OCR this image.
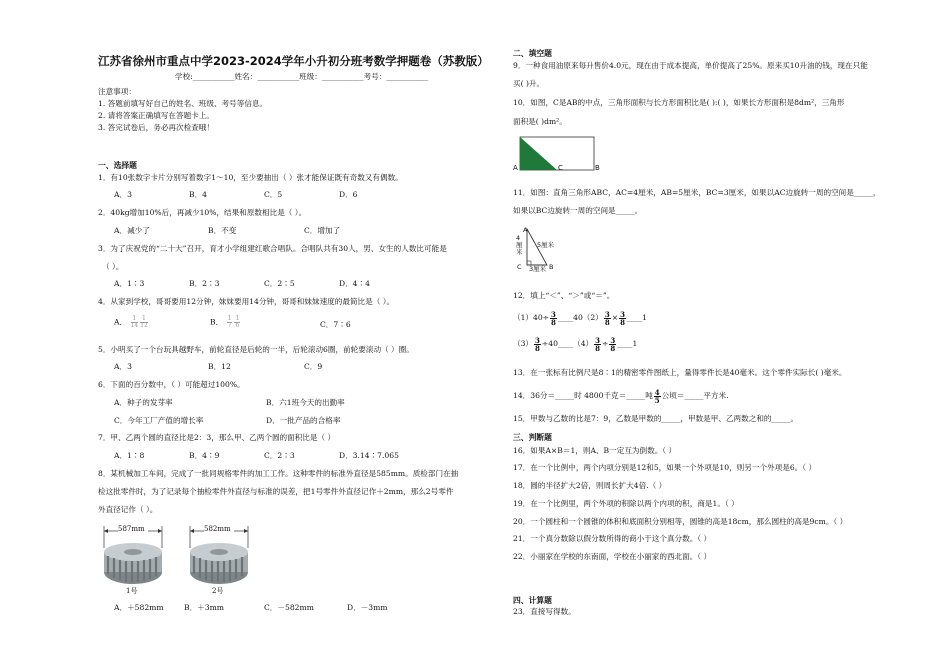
江苏省徐州市重点中学2023-2024学年小升初分班考数学押题卷（苏教版）
学校:___________姓名：___________班级：___________考号：___________
注意事项：
1. 答题前填写好自己的姓名、班级、考号等信息。
2. 请将答案正确填写在答题卡上。
3. 答完试卷后，务必再次检查哦！
一、选择题
1．有10张数字卡片分别写着数字1～10，至少要抽出（ ）张才能保证既有奇数又有偶数。
A．3	B．4	C．5	D．6
2．40kg增加10%后，再减少10%，结果和原数相比是（ ）。
A．减少了	B．不变	C．增加了
3．为了庆祝党的“二十大”召开，育才小学组建红歌合唱队。合唱队共有30人，男、女生的人数比可能是
（ ）。
A．1∶3	B．2∶3	C．2∶5	D．4∶4
4．从家到学校，哥哥要用12分钟，妹妹要用14分钟，哥哥和妹妹速度的最简比是（ ）。
A． $\frac{1}{14} \frac{1}{12}$	B． $\frac{1}{7} \frac{1}{6}$	C．7∶6
5．小明买了一个台玩具越野车，前轮直径是后轮的一半，后轮滚动6圈，前轮要滚动（ ）圈。
A．3	B．12	C．9
6．下面的百分数中，（ ）可能超过100%。
A．种子的发芽率	B．六1班今天的出勤率
C．今年工厂产值的增长率	D．一批产品的合格率
7．甲、乙两个圆的直径比是2：3，那么甲、乙两个圆的面积比是（ ）
A．1∶8	B．4∶9	C．2∶3	D．3.14∶7.065
8．某机械加工车间，完成了一批同规格零件的加工工作。这种零件的标准外直径是585mm。质检部门在抽
检这批零件时，为了记录每个抽检零件外直径与标准的误差，把1号零件外直径记作＋2mm，那么2号零件
外直径记作（ ）。
587mm
1号
582mm
2号
A．＋582mm	B．＋3mm	C．－582mm	D．－3mm
二、填空题
9．一种食用油原来每升售价4.0元，现在由于成本提高，单价提高了25%。原来买10升油的钱，现在只能
买( )升。
10．如图，C是AB的中点，三角形面积与长方形面积比是( ):( )，如果长方形面积是8dm²，三角形
面积是( )dm²。
A	C	B
11．如图：直角三角形ABC，AC=4厘米，AB=5厘米，BC=3厘米，如果以AC边旋转一周的空间是_____，
如果以BC边旋转一周的空间是_____。
4厘米
5厘米
3厘米
A
C	B
12．填上“＜”、“＞”或“＝”。
$(1)40\div \frac{3}{8}$ ____40（2） $\frac{3}{8} \times \frac{3}{8}$ ____1
$(3) \frac{3}{8}$ ÷40____（4） $\frac{3}{8} \div \frac{3}{8}$ ____1
13．在一张标有比例尺是8∶1的精密零件图纸上，量得零件长是40毫米。这个零件实际长( )毫米。
14．36分＝_____时 4800千克＝_____吨 $\frac{4}{5}$ 公顷＝_____平方米.
15．甲数与乙数的比是7：9，乙数是甲数的_____，甲数是甲、乙两数之和的_____。
三、判断题
16．如果A×B＝1，则A、B一定互为倒数。（ ）
17．在一个比例中，两个内项分别是12和5，如果一个外项是10，则另一个外项是6。（ ）
18．圆的半径扩大2倍，则周长扩大4倍.（ ）
19．在一个比例里，两个外项的积除以两个内项的积，商是1。（ ）
20．一个圆柱和一个圆锥的体积和底面积分别相等，圆锥的高是18cm，那么圆柱的高是9cm。（ ）
21．一个真分数除以假分数所得的商小于这个真分数。（ ）
22．小丽家在学校的东南面，学校在小丽家的西北面。（ ）
四、计算题
23．直接写得数。
